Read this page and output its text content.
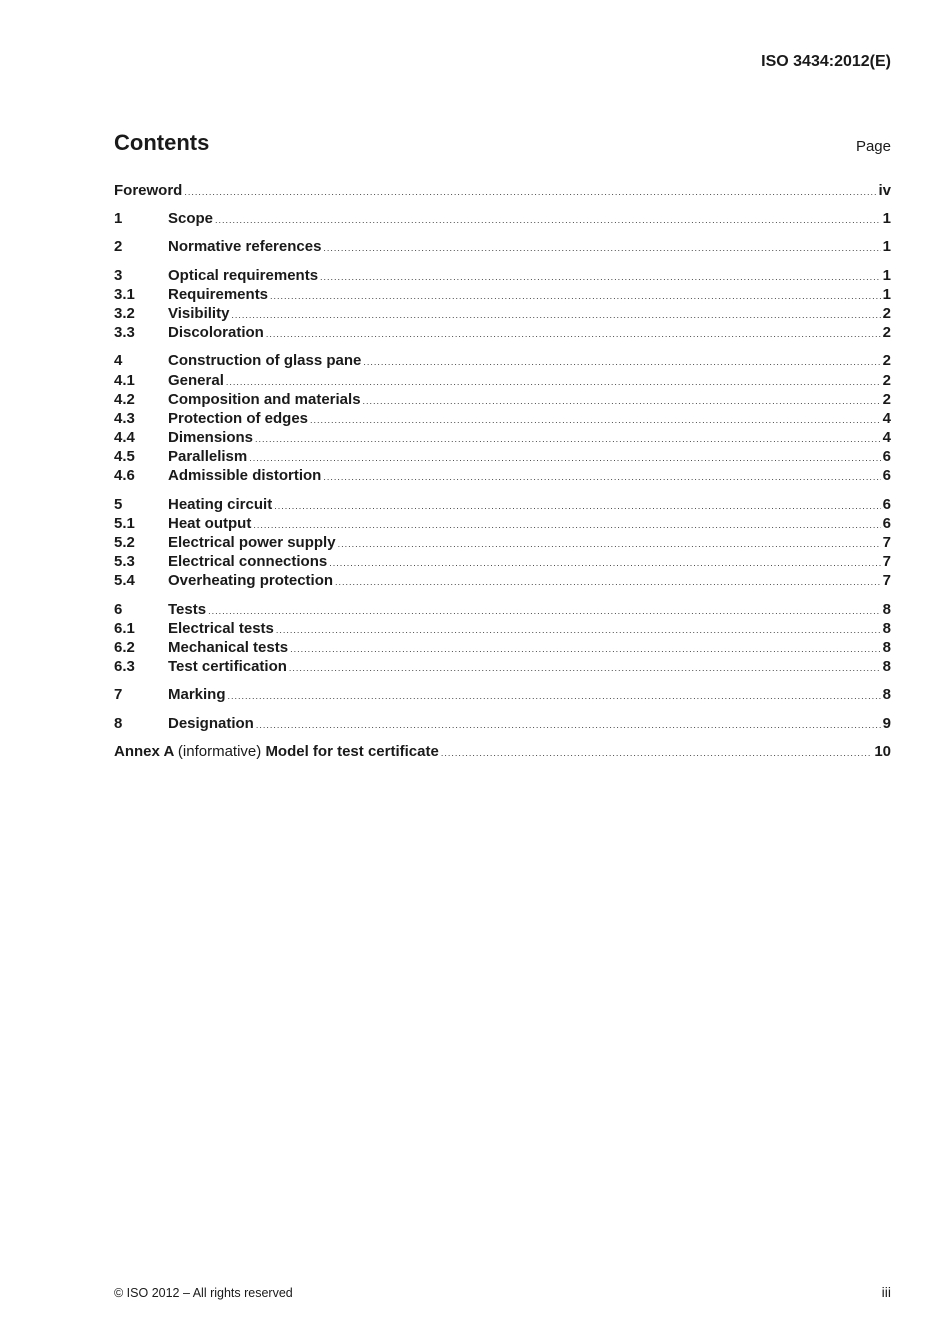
ISO 3434:2012(E)
Contents	Page
Foreword .....	iv
1	Scope .....	1
2	Normative references .....	1
3	Optical requirements .....	1
3.1	Requirements .....	1
3.2	Visibility .....	2
3.3	Discoloration .....	2
4	Construction of glass pane .....	2
4.1	General .....	2
4.2	Composition and materials .....	2
4.3	Protection of edges .....	4
4.4	Dimensions .....	4
4.5	Parallelism .....	6
4.6	Admissible distortion .....	6
5	Heating circuit .....	6
5.1	Heat output .....	6
5.2	Electrical power supply .....	7
5.3	Electrical connections .....	7
5.4	Overheating protection .....	7
6	Tests .....	8
6.1	Electrical tests .....	8
6.2	Mechanical tests .....	8
6.3	Test certification .....	8
7	Marking .....	8
8	Designation .....	9
Annex A (informative) Model for test certificate .....	10
© ISO 2012 – All rights reserved	iii
